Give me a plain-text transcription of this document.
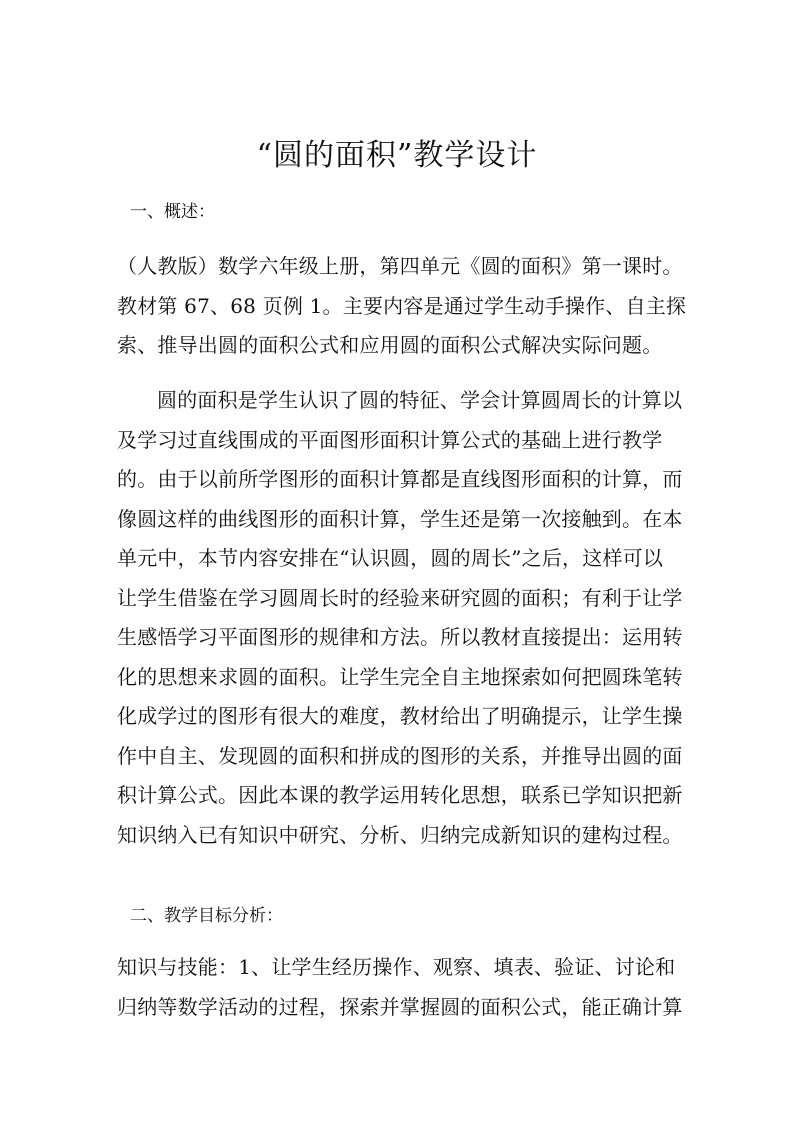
“圆的面积”教学设计
一、概述：

（人教版）数学六年级上册，第四单元《圆的面积》第一课时。
教材第 67、68 页例 1。主要内容是通过学生动手操作、自主探
索、推导出圆的面积公式和应用圆的面积公式解决实际问题。

圆的面积是学生认识了圆的特征、学会计算圆周长的计算以
及学习过直线围成的平面图形面积计算公式的基础上进行教学
的。由于以前所学图形的面积计算都是直线图形面积的计算，而
像圆这样的曲线图形的面积计算，学生还是第一次接触到。在本
单元中，本节内容安排在“认识圆，圆的周长”之后，这样可以
让学生借鉴在学习圆周长时的经验来研究圆的面积；有利于让学
生感悟学习平面图形的规律和方法。所以教材直接提出：运用转
化的思想来求圆的面积。让学生完全自主地探索如何把圆珠笔转
化成学过的图形有很大的难度，教材给出了明确提示，让学生操
作中自主、发现圆的面积和拼成的图形的关系，并推导出圆的面
积计算公式。因此本课的教学运用转化思想，联系已学知识把新
知识纳入已有知识中研究、分析、归纳完成新知识的建构过程。

二、教学目标分析：

知识与技能：1、让学生经历操作、观察、填表、验证、讨论和
归纳等数学活动的过程，探索并掌握圆的面积公式，能正确计算
